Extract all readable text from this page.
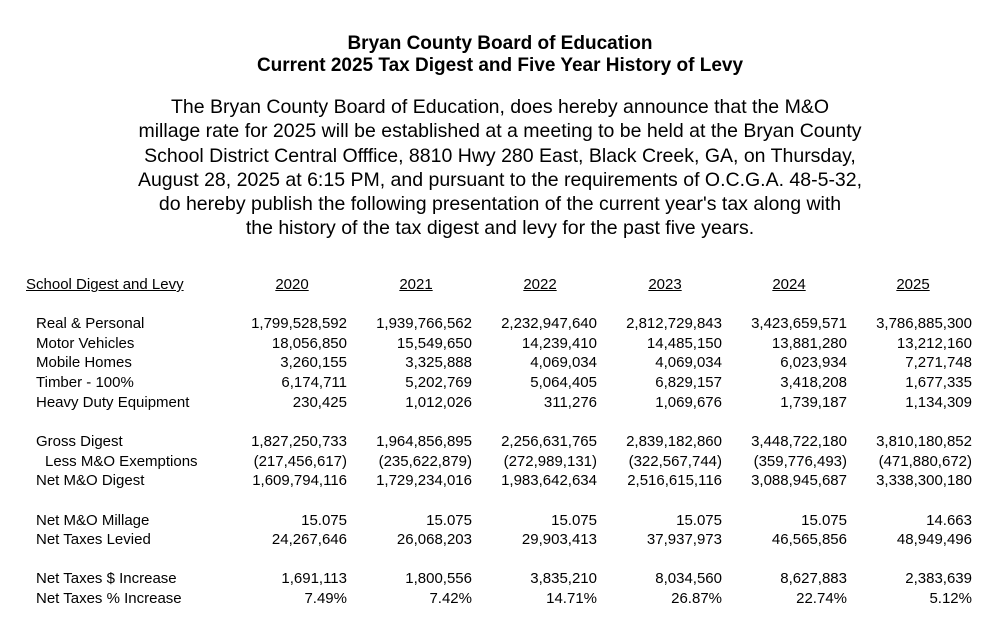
Bryan County Board of Education
Current 2025 Tax Digest and Five Year History of Levy
The Bryan County Board of Education, does hereby announce that the M&O
millage rate for 2025 will be established at a meeting to be held at the Bryan County
School District Central Offfice, 8810 Hwy 280 East, Black Creek, GA, on Thursday,
August 28, 2025 at 6:15 PM, and pursuant to the requirements of O.C.G.A. 48-5-32,
do hereby publish the following presentation of the current year's tax along with
the history of the tax digest and levy for the past five years.
School Digest and Levy	2020	2021	2022	2023	2024	2025
Real & Personal	1,799,528,592	1,939,766,562	2,232,947,640	2,812,729,843	3,423,659,571	3,786,885,300
Motor Vehicles	18,056,850	15,549,650	14,239,410	14,485,150	13,881,280	13,212,160
Mobile Homes	3,260,155	3,325,888	4,069,034	4,069,034	6,023,934	7,271,748
Timber - 100%	6,174,711	5,202,769	5,064,405	6,829,157	3,418,208	1,677,335
Heavy Duty Equipment	230,425	1,012,026	311,276	1,069,676	1,739,187	1,134,309
Gross Digest	1,827,250,733	1,964,856,895	2,256,631,765	2,839,182,860	3,448,722,180	3,810,180,852
Less M&O Exemptions	(217,456,617)	(235,622,879)	(272,989,131)	(322,567,744)	(359,776,493)	(471,880,672)
Net M&O Digest	1,609,794,116	1,729,234,016	1,983,642,634	2,516,615,116	3,088,945,687	3,338,300,180
Net M&O Millage	15.075	15.075	15.075	15.075	15.075	14.663
Net Taxes Levied	24,267,646	26,068,203	29,903,413	37,937,973	46,565,856	48,949,496
Net Taxes $ Increase	1,691,113	1,800,556	3,835,210	8,034,560	8,627,883	2,383,639
Net Taxes % Increase	7.49%	7.42%	14.71%	26.87%	22.74%	5.12%
